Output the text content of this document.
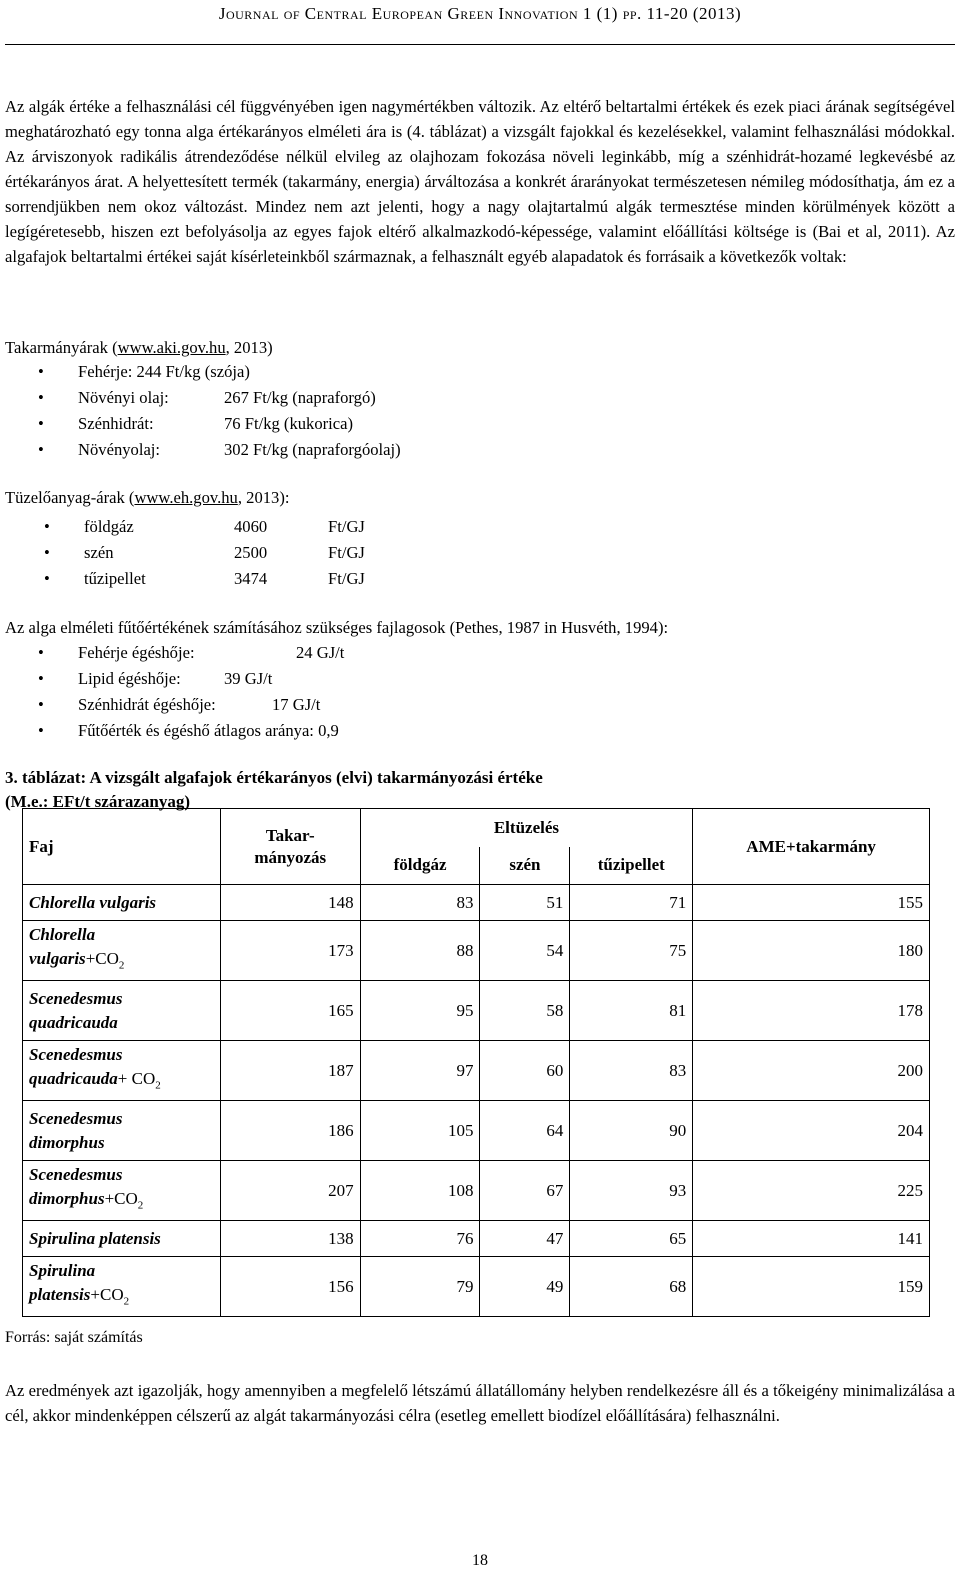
Journal of Central European Green Innovation 1 (1) pp. 11-20 (2013)
Az algák értéke a felhasználási cél függvényében igen nagymértékben változik. Az eltérő beltartalmi értékek és ezek piaci árának segítségével meghatározható egy tonna alga értékarányos elméleti ára is (4. táblázat) a vizsgált fajokkal és kezelésekkel, valamint felhasználási módokkal. Az árviszonyok radikális átrendeződése nélkül elvileg az olajhozam fokozása növeli leginkább, míg a szénhidrát-hozamé legkevésbé az értékarányos árat. A helyettesített termék (takarmány, energia) árváltozása a konkrét árarányokat természetesen némileg módosíthatja, ám ez a sorrendjükben nem okoz változást. Mindez nem azt jelenti, hogy a nagy olajtartalmú algák termesztése minden körülmények között a legígéretesebb, hiszen ezt befolyásolja az egyes fajok eltérő alkalmazkodó-képessége, valamint előállítási költsége is (Bai et al, 2011). Az algafajok beltartalmi értékei saját kísérleteinkből származnak, a felhasznált egyéb alapadatok és forrásaik a következők voltak:
Takarmányárak (www.aki.gov.hu, 2013)
• Fehérje: 244 Ft/kg (szója)
• Növényi olaj:	267 Ft/kg (napraforgó)
• Szénhidrát:	76 Ft/kg (kukorica)
• Növényolaj:	302 Ft/kg (napraforgóolaj)
Tüzelőanyag-árak (www.eh.gov.hu, 2013):
• földgáz	4060	Ft/GJ
• szén	2500	Ft/GJ
• tűzipellet	3474	Ft/GJ
Az alga elméleti fűtőértékének számításához szükséges fajlagosok (Pethes, 1987 in Husvéth, 1994):
• Fehérje égéshője:	24 GJ/t
• Lipid égéshője:	39 GJ/t
• Szénhidrát égéshője:	17 GJ/t
• Fűtőérték és égéshő átlagos aránya: 0,9
3. táblázat: A vizsgált algafajok értékarányos (elvi) takarmányozási értéke
(M.e.: EFt/t szárazanyag)
Faj	Takar-
mányozás	Eltüzelés			AME+takarmány
		földgáz	szén	tűzipellet	
Chlorella vulgaris	148	83	51	71	155
Chlorella
$vulgaris+CO_2$	173	88	54	75	180
Scenedesmus
quadricauda	165	95	58	81	178
Scenedesmus
quadricauda+ $CO_2$	187	97	60	83	200
Scenedesmus
dimorphus	186	105	64	90	204
Scenedesmus
$dimorphus+CO_2$	207	108	67	93	225
Spirulina platensis	138	76	47	65	141
Spirulina
$platensis+CO_2$	156	79	49	68	159
Forrás: saját számítás
Az eredmények azt igazolják, hogy amennyiben a megfelelő létszámú állatállomány helyben rendelkezésre áll és a tőkeigény minimalizálása a cél, akkor mindenképpen célszerű az algát takarmányozási célra (esetleg emellett biodízel előállítására) felhasználni.
18
